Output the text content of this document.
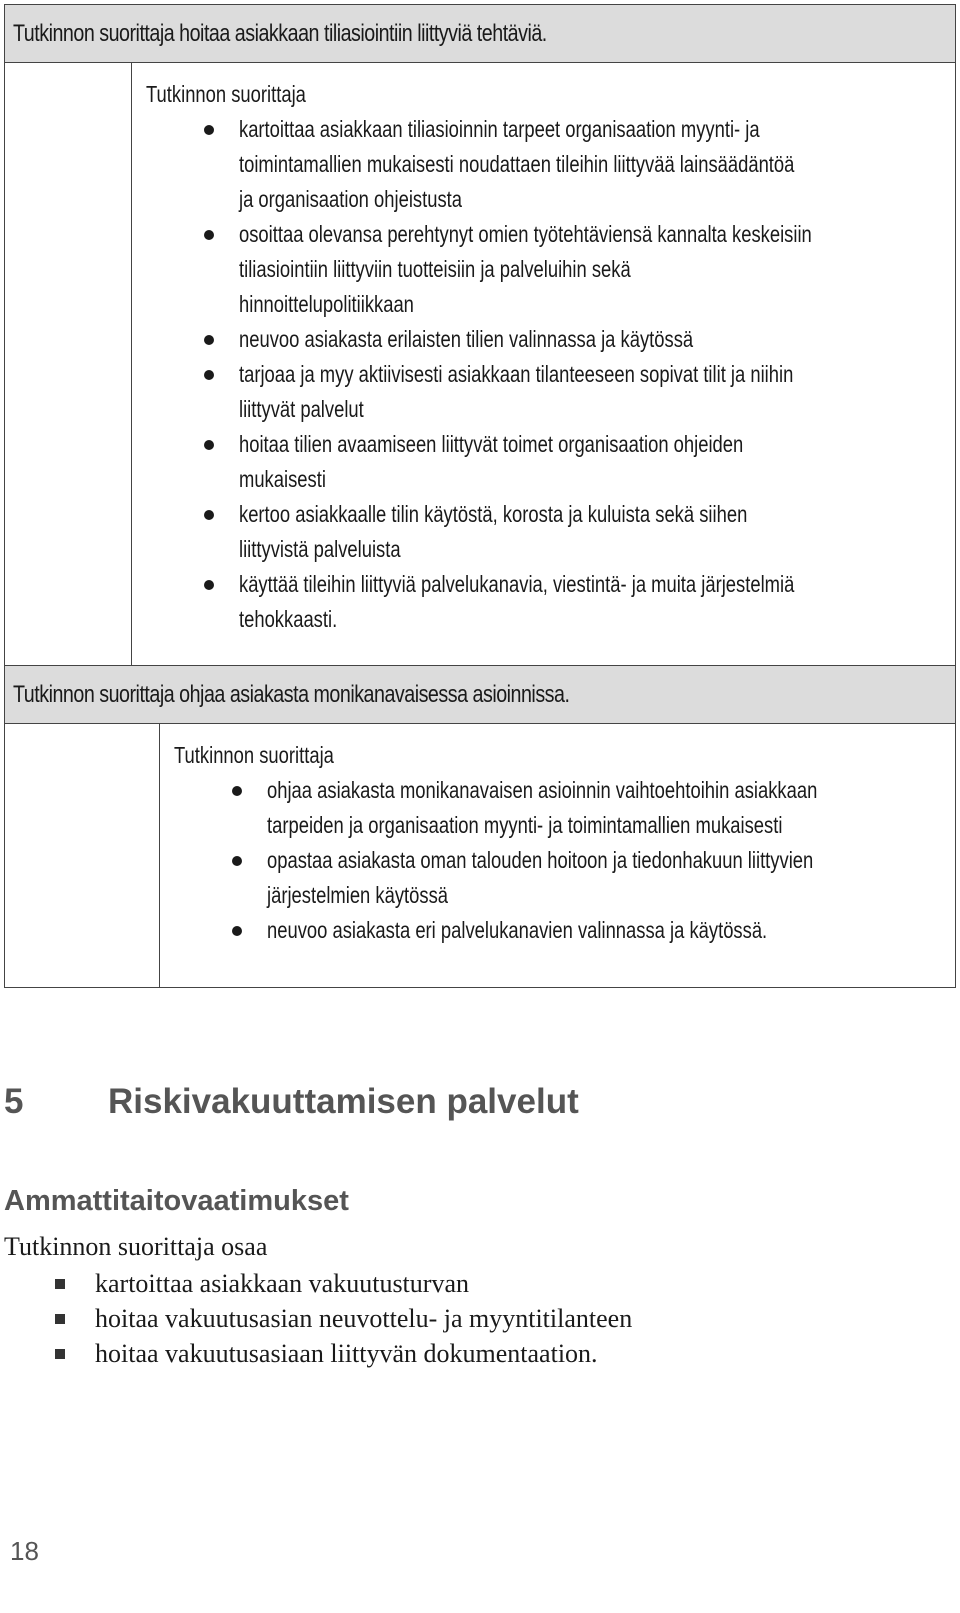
Tutkinnon suorittaja hoitaa asiakkaan tiliasiointiin liittyviä tehtäviä.
Tutkinnon suorittaja
kartoittaa asiakkaan tiliasioinnin tarpeet organisaation myynti- ja
toimintamallien mukaisesti noudattaen tileihin liittyvää lainsäädäntöä
ja organisaation ohjeistusta
osoittaa olevansa perehtynyt omien työtehtäviensä kannalta keskeisiin
tiliasiointiin liittyviin tuotteisiin ja palveluihin sekä
hinnoittelupolitiikkaan
neuvoo asiakasta erilaisten tilien valinnassa ja käytössä
tarjoaa ja myy aktiivisesti asiakkaan tilanteeseen sopivat tilit ja niihin
liittyvät palvelut
hoitaa tilien avaamiseen liittyvät toimet organisaation ohjeiden
mukaisesti
kertoo asiakkaalle tilin käytöstä, korosta ja kuluista sekä siihen
liittyvistä palveluista
käyttää tileihin liittyviä palvelukanavia, viestintä- ja muita järjestelmiä
tehokkaasti.
Tutkinnon suorittaja ohjaa asiakasta monikanavaisessa asioinnissa.
Tutkinnon suorittaja
ohjaa asiakasta monikanavaisen asioinnin vaihtoehtoihin asiakkaan
tarpeiden ja organisaation myynti- ja toimintamallien mukaisesti
opastaa asiakasta oman talouden hoitoon ja tiedonhakuun liittyvien
järjestelmien käytössä
neuvoo asiakasta eri palvelukanavien valinnassa ja käytössä.
5	Riskivakuuttamisen palvelut
Ammattitaitovaatimukset
Tutkinnon suorittaja osaa
kartoittaa asiakkaan vakuutusturvan
hoitaa vakuutusasian neuvottelu- ja myyntitilanteen
hoitaa vakuutusasiaan liittyvän dokumentaation.
18
